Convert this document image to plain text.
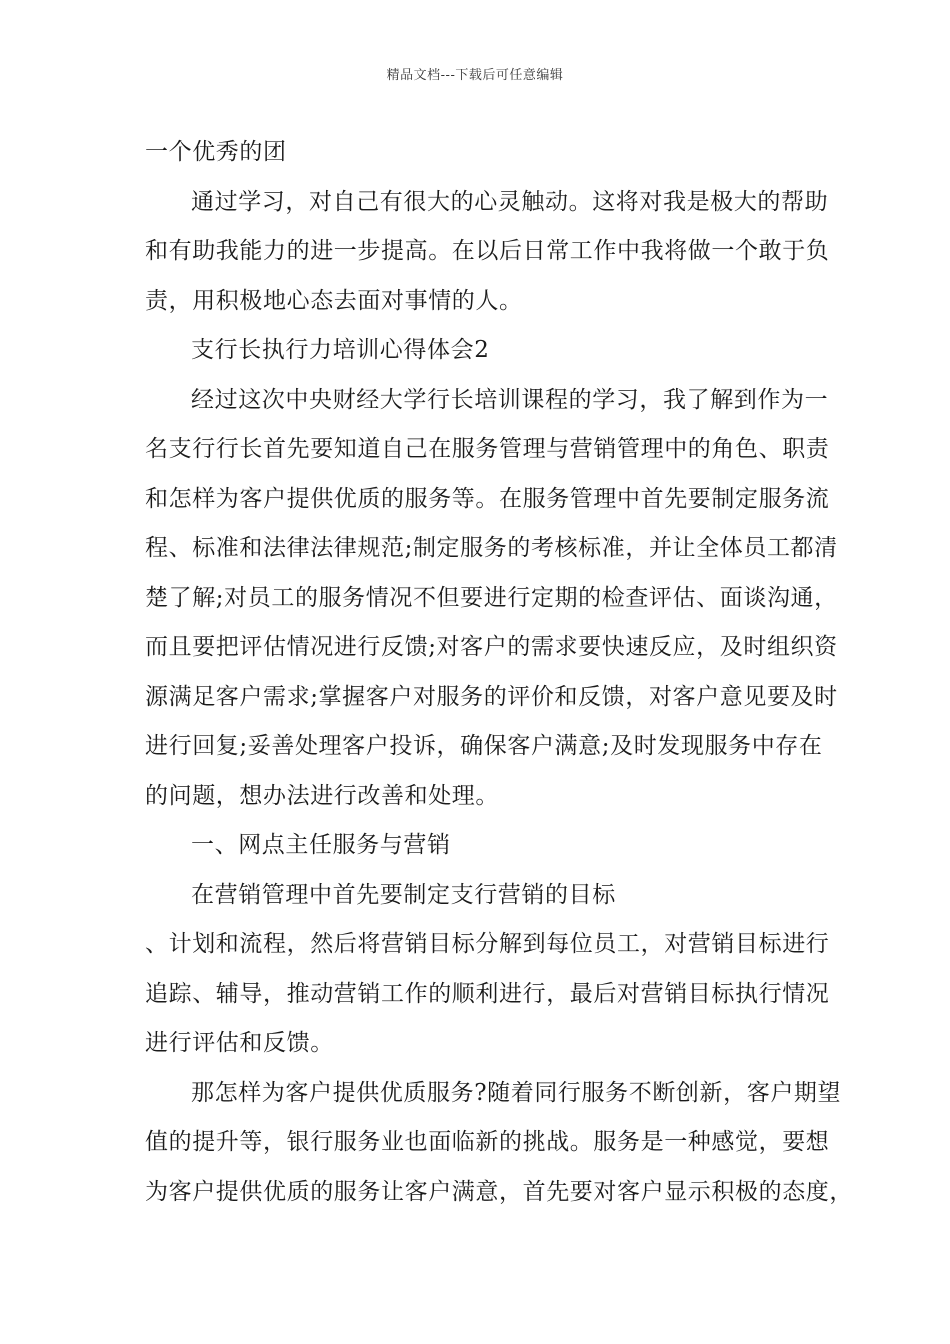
精品文档---下载后可任意编辑
一个优秀的团
通过学习，对自己有很大的心灵触动。这将对我是极大的帮助
和有助我能力的进一步提高。在以后日常工作中我将做一个敢于负
责，用积极地心态去面对事情的人。
支行长执行力培训心得体会2
经过这次中央财经大学行长培训课程的学习，我了解到作为一
名支行行长首先要知道自己在服务管理与营销管理中的角色、职责
和怎样为客户提供优质的服务等。在服务管理中首先要制定服务流
程、标准和法律法律规范;制定服务的考核标准，并让全体员工都清
楚了解;对员工的服务情况不但要进行定期的检查评估、面谈沟通，
而且要把评估情况进行反馈;对客户的需求要快速反应，及时组织资
源满足客户需求;掌握客户对服务的评价和反馈，对客户意见要及时
进行回复;妥善处理客户投诉，确保客户满意;及时发现服务中存在
的问题，想办法进行改善和处理。
一、网点主任服务与营销
在营销管理中首先要制定支行营销的目标
、计划和流程，然后将营销目标分解到每位员工，对营销目标进行
追踪、辅导，推动营销工作的顺利进行，最后对营销目标执行情况
进行评估和反馈。
那怎样为客户提供优质服务?随着同行服务不断创新，客户期望
值的提升等，银行服务业也面临新的挑战。服务是一种感觉，要想
为客户提供优质的服务让客户满意，首先要对客户显示积极的态度，
